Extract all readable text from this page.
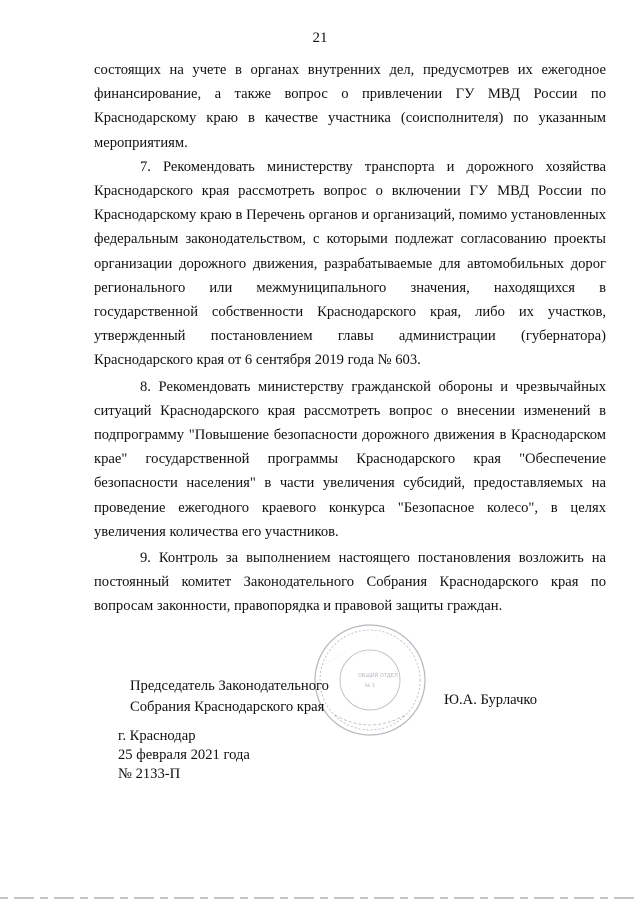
21

состоящих на учете в органах внутренних дел, предусмотрев их ежегодное финансирование, а также вопрос о привлечении ГУ МВД России по Краснодарскому краю в качестве участника (соисполнителя) по указанным мероприятиям.

7. Рекомендовать министерству транспорта и дорожного хозяйства Краснодарского края рассмотреть вопрос о включении ГУ МВД России по Краснодарскому краю в Перечень органов и организаций, помимо установленных федеральным законодательством, с которыми подлежат согласованию проекты организации дорожного движения, разрабатываемые для автомобильных дорог регионального или межмуниципального значения, находящихся в государственной собственности Краснодарского края, либо их участков, утвержденный постановлением главы администрации (губернатора) Краснодарского края от 6 сентября 2019 года № 603.

8. Рекомендовать министерству гражданской обороны и чрезвычайных ситуаций Краснодарского края рассмотреть вопрос о внесении изменений в подпрограмму "Повышение безопасности дорожного движения в Краснодарском крае" государственной программы Краснодарского края "Обеспечение безопасности населения" в части увеличения субсидий, предоставляемых на проведение ежегодного краевого конкурса "Безопасное колесо", в целях увеличения количества его участников.

9. Контроль за выполнением настоящего постановления возложить на постоянный комитет Законодательного Собрания Краснодарского края по вопросам законности, правопорядка и правовой защиты граждан.

· · · · · · · · · · ·
ОБЩИЙ ОТДЕЛ
№ 1
Председатель Законодательного
Собрания Краснодарского края	Ю.А. Бурлачко
г. Краснодар
25 февраля 2021 года
№ 2133-П
